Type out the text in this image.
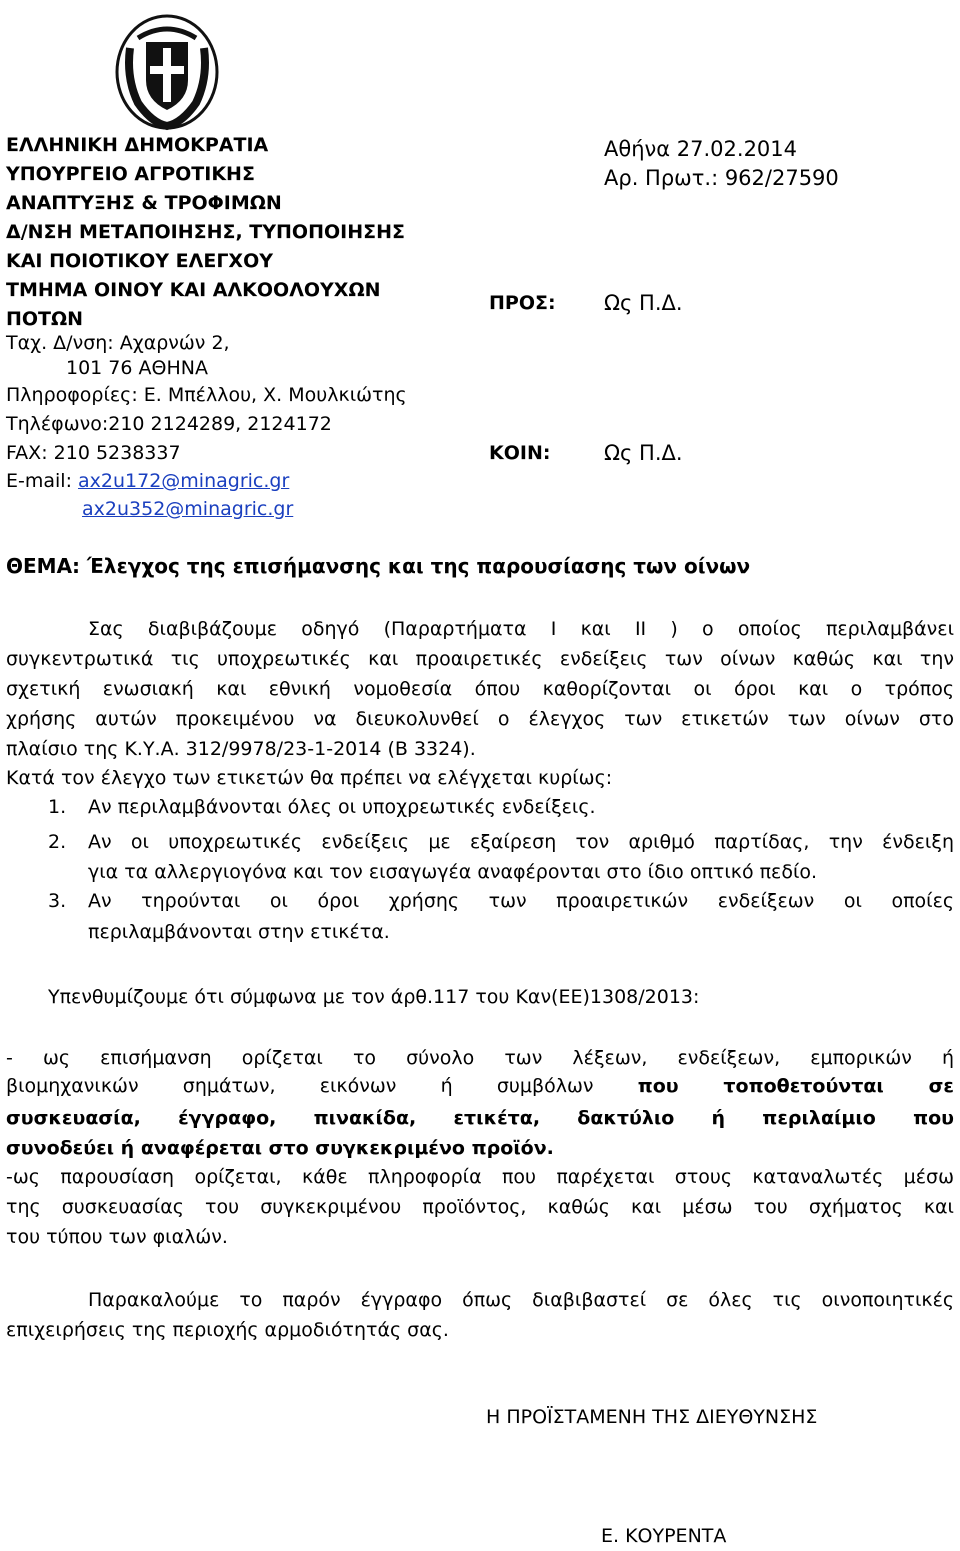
ΕΛΛΗΝΙΚΗ ΔΗΜΟΚΡΑΤΙΑ
ΥΠΟΥΡΓΕΙΟ ΑΓΡΟΤΙΚΗΣ
ΑΝΑΠΤΥΞΗΣ & ΤΡΟΦΙΜΩΝ
Δ/ΝΣΗ ΜΕΤΑΠΟΙΗΣΗΣ, ΤΥΠΟΠΟΙΗΣΗΣ
ΚΑΙ ΠΟΙΟΤΙΚΟΥ ΕΛΕΓΧΟΥ
ΤΜΗΜΑ ΟΙΝΟΥ ΚΑΙ ΑΛΚΟΟΛΟΥΧΩΝ
ΠΟΤΩΝ
Ταχ. Δ/νση: Αχαρνών 2,
101 76 ΑΘΗΝΑ
Πληροφορίες: Ε. Μπέλλου, Χ. Μουλκιώτης
Τηλέφωνο:210 2124289, 2124172
FAX: 210 5238337
E-mail: ax2u172@minagric.gr
ax2u352@minagric.gr
Αθήνα 27.02.2014
Αρ. Πρωτ.: 962/27590
ΠΡΟΣ: Ως Π.Δ.
ΚΟΙΝ:	Ως Π.Δ.
ΘΕΜΑ: Έλεγχος της επισήμανσης και της παρουσίασης των οίνων
Σας διαβιβάζουμε οδηγό (Παραρτήματα I και II ) ο οποίος περιλαμβάνει
συγκεντρωτικά τις υποχρεωτικές και προαιρετικές ενδείξεις των οίνων καθώς και την
σχετική ενωσιακή και εθνική νομοθεσία όπου καθορίζονται οι όροι και ο τρόπος
χρήσης αυτών προκειμένου να διευκολυνθεί ο έλεγχος των ετικετών των οίνων στο
πλαίσιο της Κ.Υ.Α. 312/9978/23-1-2014 (Β 3324).
Κατά τον έλεγχο των ετικετών θα πρέπει να ελέγχεται κυρίως:
1. Αν περιλαμβάνονται όλες οι υποχρεωτικές ενδείξεις.
2. Αν οι υποχρεωτικές ενδείξεις με εξαίρεση τον αριθμό παρτίδας, την ένδειξη
για τα αλλεργιογόνα και τον εισαγωγέα αναφέρονται στο ίδιο οπτικό πεδίο.
3. Αν τηρούνται οι όροι χρήσης των προαιρετικών ενδείξεων οι οποίες
περιλαμβάνονται στην ετικέτα.
Υπενθυμίζουμε ότι σύμφωνα με τον άρθ.117 του Καν(ΕΕ)1308/2013:
- ως επισήμανση ορίζεται το σύνολο των λέξεων, ενδείξεων, εμπορικών ή
βιομηχανικών σημάτων, εικόνων ή συμβόλων που τοποθετούνται σε
συσκευασία, έγγραφο, πινακίδα, ετικέτα, δακτύλιο ή περιλαίμιο που
συνοδεύει ή αναφέρεται στο συγκεκριμένο προϊόν.
-ως παρουσίαση ορίζεται, κάθε πληροφορία που παρέχεται στους καταναλωτές μέσω
της συσκευασίας του συγκεκριμένου προϊόντος, καθώς και μέσω του σχήματος και
του τύπου των φιαλών.
Παρακαλούμε το παρόν έγγραφο όπως διαβιβαστεί σε όλες τις οινοποιητικές
επιχειρήσεις της περιοχής αρμοδιότητάς σας.
Η ΠΡΟΪΣΤΑΜΕΝΗ ΤΗΣ ΔΙΕΥΘΥΝΣΗΣ
Ε. ΚΟΥΡΕΝΤΑ
